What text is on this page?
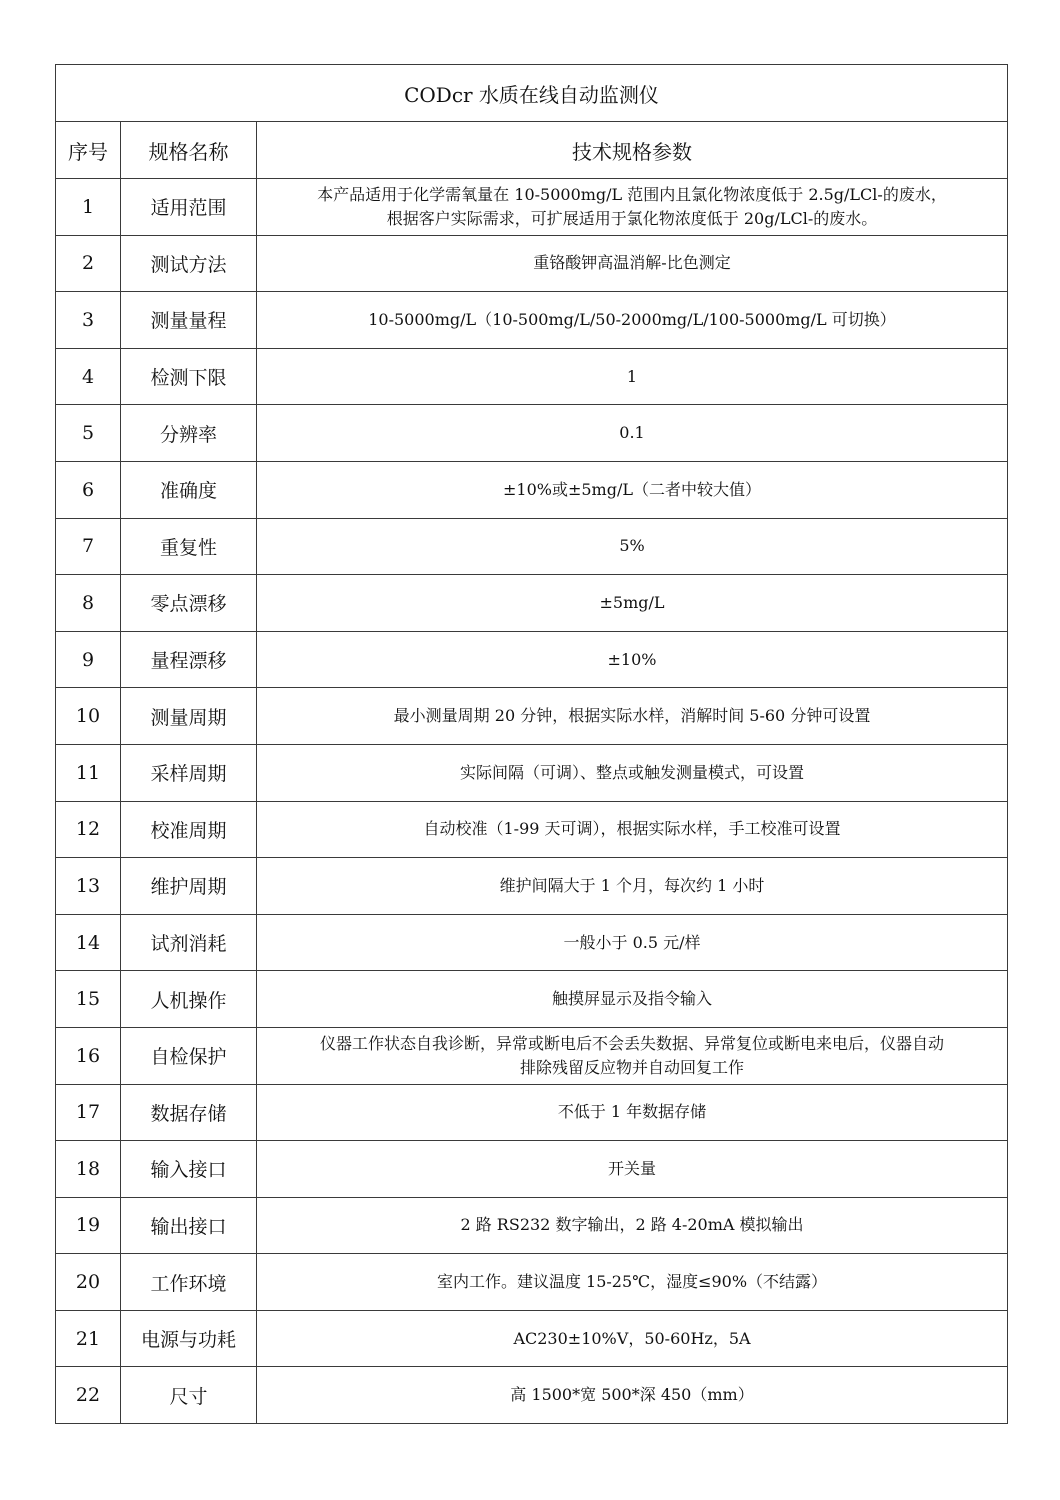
CODcr 水质在线自动监测仪		
序号	规格名称	技术规格参数
1	适用范围	本产品适用于化学需氧量在 10-5000mg/L 范围内且氯化物浓度低于 2.5g/LCl-的废水，
根据客户实际需求，可扩展适用于氯化物浓度低于 20g/LCl-的废水。

2	测试方法	重铬酸钾高温消解-比色测定

3	测量量程	10-5000mg/L（10-500mg/L/50-2000mg/L/100-5000mg/L 可切换）

4	检测下限	1

5	分辨率	0.1

6	准确度	±10%或±5mg/L（二者中较大值）

7	重复性	5%

8	零点漂移	±5mg/L

9	量程漂移	±10%

10	测量周期	最小测量周期 20 分钟，根据实际水样，消解时间 5-60 分钟可设置

11	采样周期	实际间隔（可调）、整点或触发测量模式，可设置

12	校准周期	自动校准（1-99 天可调），根据实际水样，手工校准可设置

13	维护周期	维护间隔大于 1 个月，每次约 1 小时

14	试剂消耗	一般小于 0.5 元/样

15	人机操作	触摸屏显示及指令输入

16	自检保护	仪器工作状态自我诊断，异常或断电后不会丢失数据、异常复位或断电来电后，仪器自动
排除残留反应物并自动回复工作

17	数据存储	不低于 1 年数据存储

18	输入接口	开关量

19	输出接口	2 路 RS232 数字输出，2 路 4-20mA 模拟输出

20	工作环境	室内工作。建议温度 15-25℃，湿度≤90%（不结露）

21	电源与功耗	AC230±10%V，50-60Hz，5A

22	尺寸	高 1500*宽 500*深 450（mm）
